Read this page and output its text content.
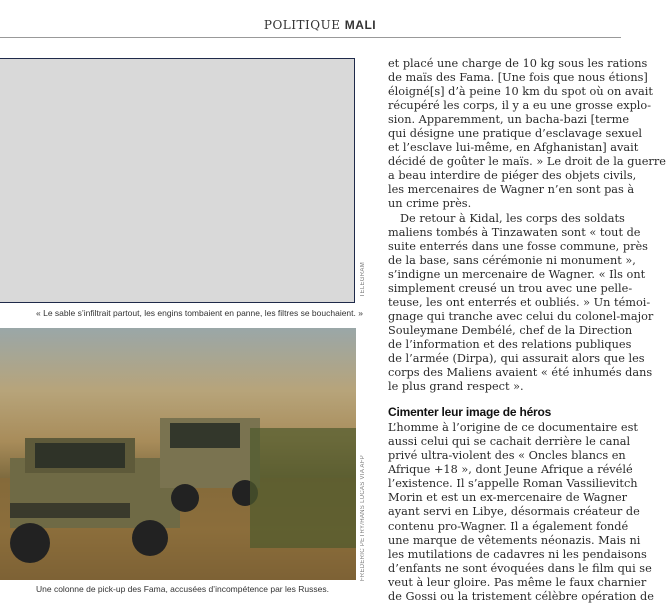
POLITIQUE MALI
TELEGRAM
« Le sable s’infiltrait partout, les engins tombaient en panne, les filtres se bouchaient. »
FREDERIC PETRY/HANS LUCAS VIA AFP
Une colonne de pick-up des Fama, accusées d’incompétence par les Russes.
et placé une charge de 10 kg sous les rations
de maïs des Fama. [Une fois que nous étions]
éloigné[s] d’à peine 10 km du spot où on avait
récupéré les corps, il y a eu une grosse explo-
sion. Apparemment, un bacha-bazi [terme
qui désigne une pratique d’esclavage sexuel
et l’esclave lui-même, en Afghanistan] avait
décidé de goûter le maïs. » Le droit de la guerre
a beau interdire de piéger des objets civils,
les mercenaires de Wagner n’en sont pas à
un crime près.
De retour à Kidal, les corps des soldats
maliens tombés à Tinzawaten sont « tout de
suite enterrés dans une fosse commune, près
de la base, sans cérémonie ni monument »,
s’indigne un mercenaire de Wagner. « Ils ont
simplement creusé un trou avec une pelle-
teuse, les ont enterrés et oubliés. » Un témoi-
gnage qui tranche avec celui du colonel-major
Souleymane Dembélé, chef de la Direction
de l’information et des relations publiques
de l’armée (Dirpa), qui assurait alors que les
corps des Maliens avaient « été inhumés dans
le plus grand respect ».
Cimenter leur image de héros
L’homme à l’origine de ce documentaire est
aussi celui qui se cachait derrière le canal
privé ultra-violent des « Oncles blancs en
Afrique +18 », dont Jeune Afrique a révélé
l’existence. Il s’appelle Roman Vassilievitch
Morin et est un ex-mercenaire de Wagner
ayant servi en Libye, désormais créateur de
contenu pro-Wagner. Il a également fondé
une marque de vêtements néonazis. Mais ni
les mutilations de cadavres ni les pendaisons
d’enfants ne sont évoquées dans le film qui se
veut à leur gloire. Pas même le faux charnier
de Gossi ou la tristement célèbre opération de
